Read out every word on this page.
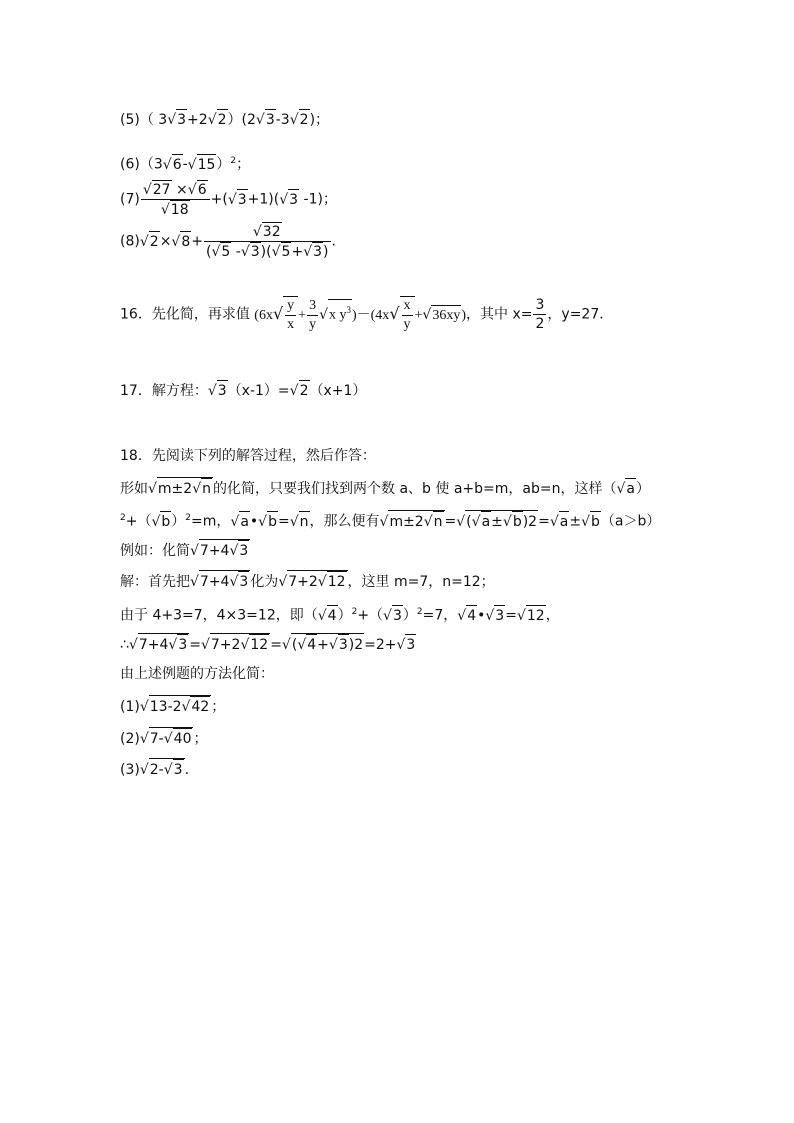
(5)（ 3√3+2√2）(2√3-3√2)；
$(6)(3√6-√15)^2$；
$(7) \frac{√27 \times√6}{√18} +(√3+1)(√3$ -1)；
$(8)√2\times√8+ \frac{√32}{(√5 -√3)(√5+√3)}$ .
16．先化简，再求值 ($6x√ \frac{y}{x} + \frac{3}{y} √x$ $y^3)-(4x√ \frac{x}{y} +√36xy)$，其中 $x= \frac{3}{2}$ ，y=27．
17．解方程：√3（x-1）=√2（x+1）
18．先阅读下列的解答过程，然后作答：
形如√m±2√n 的化简，只要我们找到两个数 a、b 使 a+b=m，ab=n，这样（√a）
$^2+(√b)^2=m$，√a•√b=√n，那么便有√m±2√n =√(√a±√b)2=√a±√b（a＞b）
例如：化简√7+4√3
解：首先把√7+4√3 化为√7+2√12 ，这里 m=7，n=12；
由于 4+3=7，4×3=12，即$(√4)^2+(√3)^2=7$，√4•√3=√12，
∴√7+4√3 =√7+2√12 =√(√4+√3)2=2+√3
由上述例题的方法化简：
(1)√13-2√42 ；
(2)√7-√40 ；
(3)√2-√3 .
